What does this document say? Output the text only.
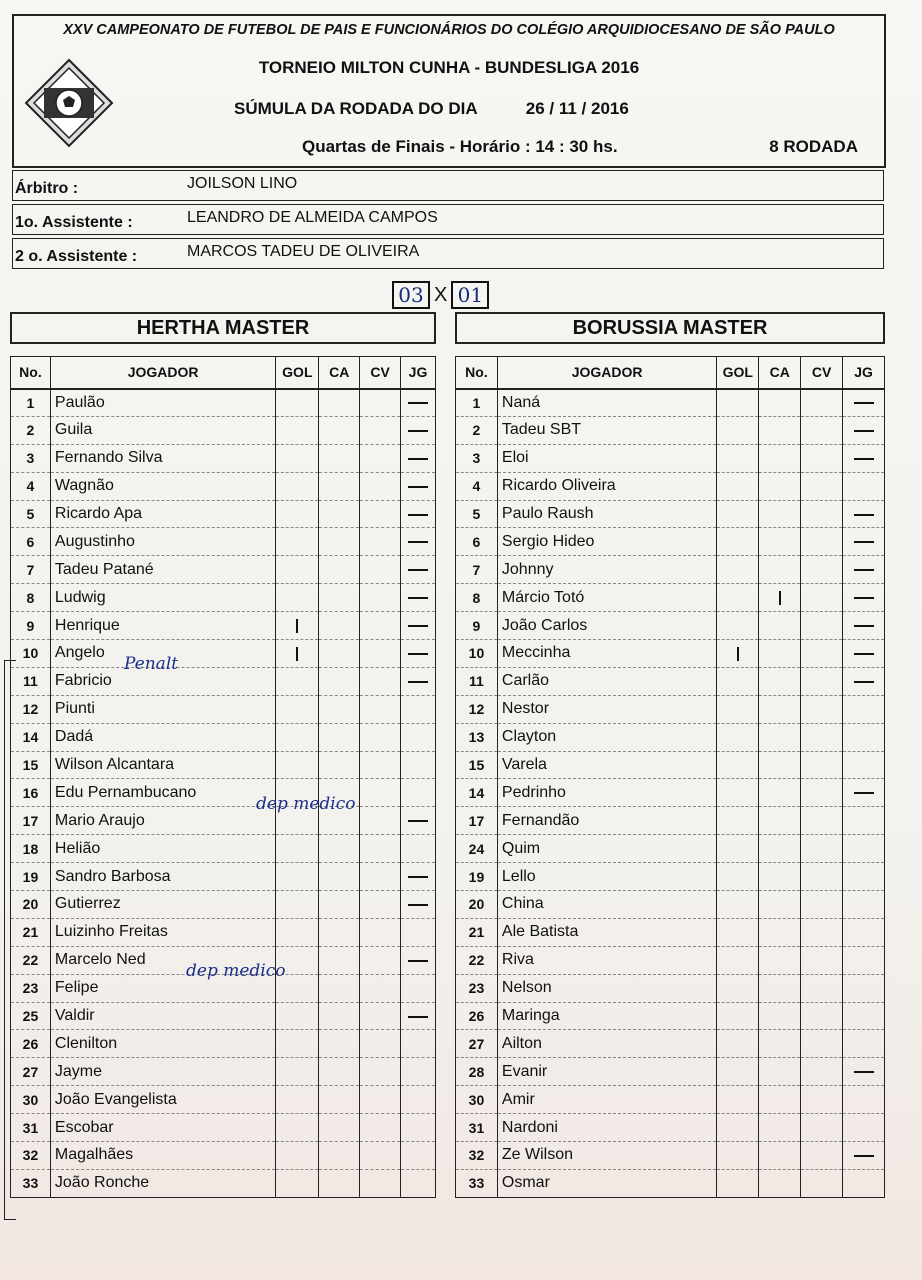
XXV CAMPEONATO DE FUTEBOL DE PAIS E FUNCIONÁRIOS DO COLÉGIO ARQUIDIOCESANO DE SÃO PAULO
TORNEIO MILTON CUNHA - BUNDESLIGA 2016
SÚMULA DA RODADA DO DIA	26 / 11 / 2016
Quartas de Finais - Horário : 14 : 30 hs.	8 RODADA
Árbitro :	JOILSON LINO
1o. Assistente :	LEANDRO DE ALMEIDA CAMPOS
2 o. Assistente :	MARCOS TADEU DE OLIVEIRA
03 X 01
HERTHA MASTER	BORUSSIA MASTER
No.	JOGADOR	GOL	CA	CV	JG
1	Paulão				
2	Guila				
3	Fernando Silva				
4	Wagnão				
5	Ricardo Apa				
6	Augustinho				
7	Tadeu Patané				
8	Ludwig				
9	Henrique				
10	Angelo				
11	Fabricio				
12	Piunti				
14	Dadá				
15	Wilson Alcantara				
16	Edu Pernambucano				
17	Mario Araujo				
18	Helião				
19	Sandro Barbosa				
20	Gutierrez				
21	Luizinho Freitas				
22	Marcelo Ned				
23	Felipe				
25	Valdir				
26	Clenilton				
27	Jayme				
30	João Evangelista				
31	Escobar				
32	Magalhães				
33	João Ronche				
No.	JOGADOR	GOL	CA	CV	JG
1	Naná				
2	Tadeu SBT				
3	Eloi				
4	Ricardo Oliveira				
5	Paulo Raush				
6	Sergio Hideo				
7	Johnny				
8	Márcio Totó				
9	João Carlos				
10	Meccinha				
11	Carlão				
12	Nestor				
13	Clayton				
15	Varela				
14	Pedrinho				
17	Fernandão				
24	Quim				
19	Lello				
20	China				
21	Ale Batista				
22	Riva				
23	Nelson				
26	Maringa				
27	Ailton				
28	Evanir				
30	Amir				
31	Nardoni				
32	Ze Wilson				
33	Osmar				
Penalt
dep medico
dep medico
